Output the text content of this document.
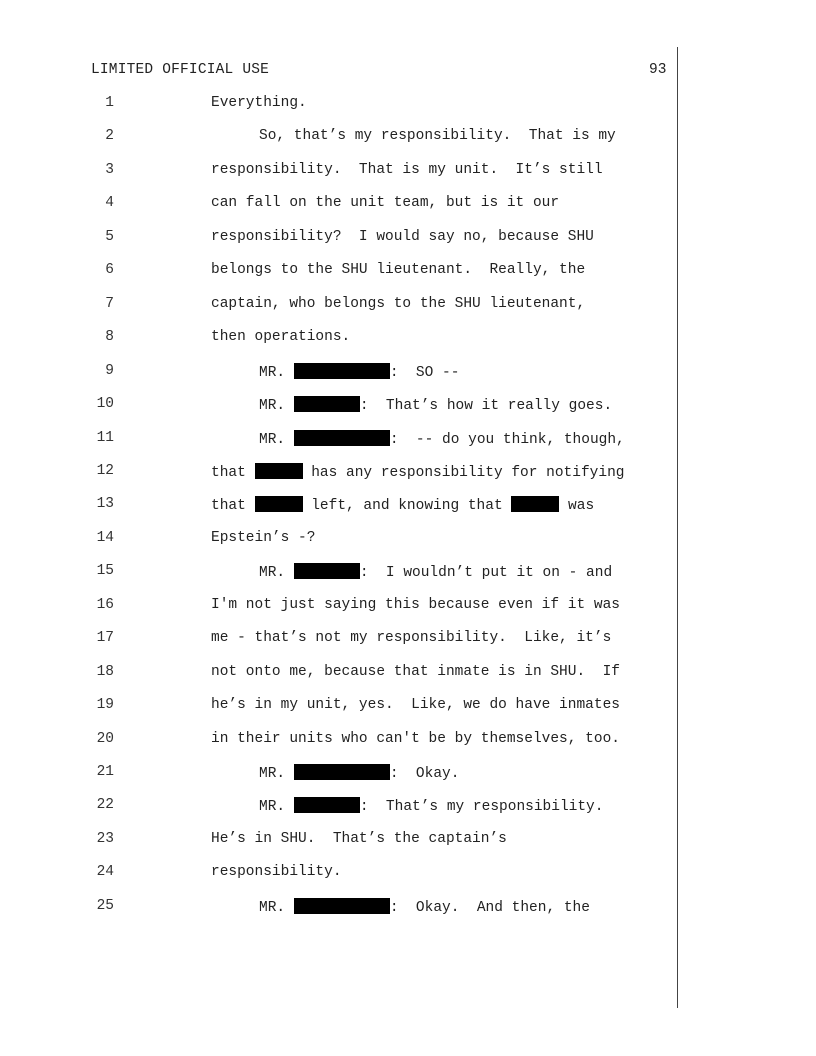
LIMITED OFFICIAL USE	93
1	Everything.
2	So, that’s my responsibility.  That is my
3	responsibility.  That is my unit.  It’s still
4	can fall on the unit team, but is it our
5	responsibility?  I would say no, because SHU
6	belongs to the SHU lieutenant.  Really, the
7	captain, who belongs to the SHU lieutenant,
8	then operations.
9	MR.	:  SO --
10	MR.	:  That’s how it really goes.
11	MR.	:  -- do you think, though,
12	that	has any responsibility for notifying
13	that	left, and knowing that	was
14	Epstein’s -?
15	MR.	:  I wouldn’t put it on - and
16	I'm not just saying this because even if it was
17	me - that’s not my responsibility.  Like, it’s
18	not onto me, because that inmate is in SHU.  If
19	he’s in my unit, yes.  Like, we do have inmates
20	in their units who can't be by themselves, too.
21	MR.	:  Okay.
22	MR.	:  That’s my responsibility.
23	He’s in SHU.  That’s the captain’s
24	responsibility.
25	MR.	:  Okay.  And then, the
